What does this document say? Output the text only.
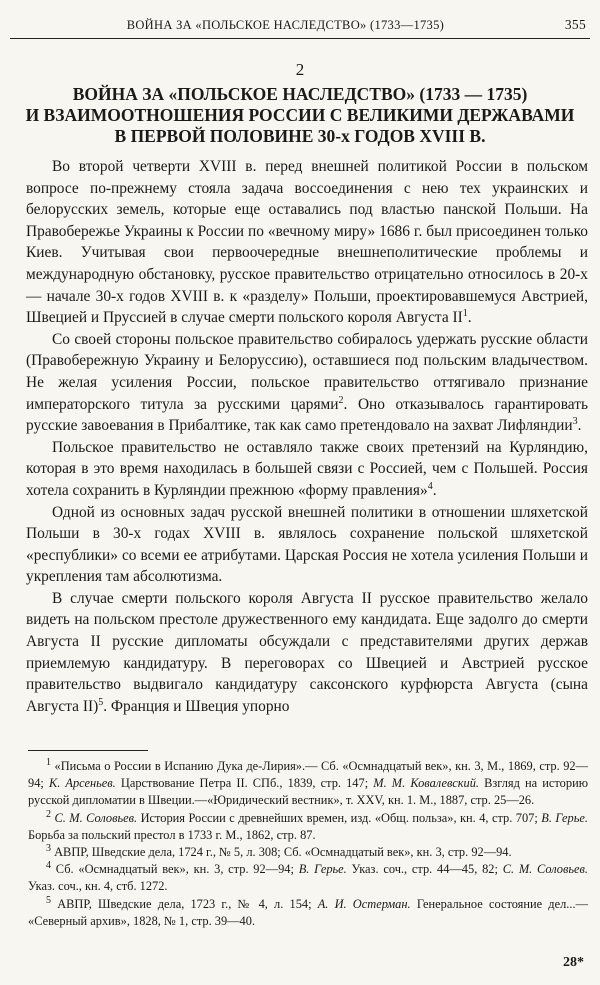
ВОЙНА ЗА «ПОЛЬСКОЕ НАСЛЕДСТВО» (1733—1735)	355
2
ВОЙНА ЗА «ПОЛЬСКОЕ НАСЛЕДСТВО» (1733 — 1735)
И ВЗАИМООТНОШЕНИЯ РОССИИ С ВЕЛИКИМИ ДЕРЖАВАМИ
В ПЕРВОЙ ПОЛОВИНЕ 30-х ГОДОВ XVIII В.

Во второй четверти XVIII в. перед внешней политикой России в польском вопросе по-прежнему стояла задача воссоединения с нею тех украинских и белорусских земель, которые еще оставались под властью панской Польши. На Правобережье Украины к России по «вечному миру» 1686 г. был присоединен только Киев. Учитывая свои первоочередные внешнеполитические проблемы и международную обстановку, русское правительство отрицательно относилось в 20-х — начале 30-х годов XVIII в. к «разделу» Польши, проектировавшемуся Австрией, Швецией и Пруссией в случае смерти польского короля Августа $II^1$.

Со своей стороны польское правительство собиралось удержать русские области (Правобережную Украину и Белоруссию), оставшиеся под польским владычеством. Не желая усиления России, польское правительство оттягивало признание императорского титула за русскими царями$^2$. Оно отказывалось гарантировать русские завоевания в Прибалтике, так как само претендовало на захват Лифляндии$^3$.

Польское правительство не оставляло также своих претензий на Курляндию, которая в это время находилась в большей связи с Россией, чем с Польшей. Россия хотела сохранить в Курляндии прежнюю «форму правления»$^4$.

Одной из основных задач русской внешней политики в отношении шляхетской Польши в 30-х годах XVIII в. являлось сохранение польской шляхетской «республики» со всеми ее атрибутами. Царская Россия не хотела усиления Польши и укрепления там абсолютизма.

В случае смерти польского короля Августа II русское правительство желало видеть на польском престоле дружественного ему кандидата. Еще задолго до смерти Августа II русские дипломаты обсуждали с представителями других держав приемлемую кандидатуру. В переговорах со Швецией и Австрией русское правительство выдвигало кандидатуру саксонского курфюрста Августа (сына Августа II)$^5$. Франция и Швеция упорно

$^1$ «Письма о России в Испанию Дука де-Лирия».— Сб. «Осмнадцатый век», кн. 3, М., 1869, стр. 92—94; К. Арсеньев. Царствование Петра II. СПб., 1839, стр. 147; М. М. Ковалевский. Взгляд на историю русской дипломатии в Швеции.—«Юридический вестник», т. XXV, кн. 1. М., 1887, стр. 25—26.

$^2$ С. М. Соловьев. История России с древнейших времен, изд. «Общ. польза», кн. 4, стр. 707; В. Герье. Борьба за польский престол в 1733 г. М., 1862, стр. 87.

$^3$ АВПР, Шведские дела, 1724 г., № 5, л. 308; Сб. «Осмнадцатый век», кн. 3, стр. 92—94.

$^4$ Сб. «Осмнадцатый век», кн. 3, стр. 92—94; В. Герье. Указ. соч., стр. 44—45, 82; С. М. Соловьев. Указ. соч., кн. 4, стб. 1272.

$^5$ АВПР, Шведские дела, 1723 г., № 4, л. 154; А. И. Остерман. Генеральное состояние дел...— «Северный архив», 1828, № 1, стр. 39—40.

28*
